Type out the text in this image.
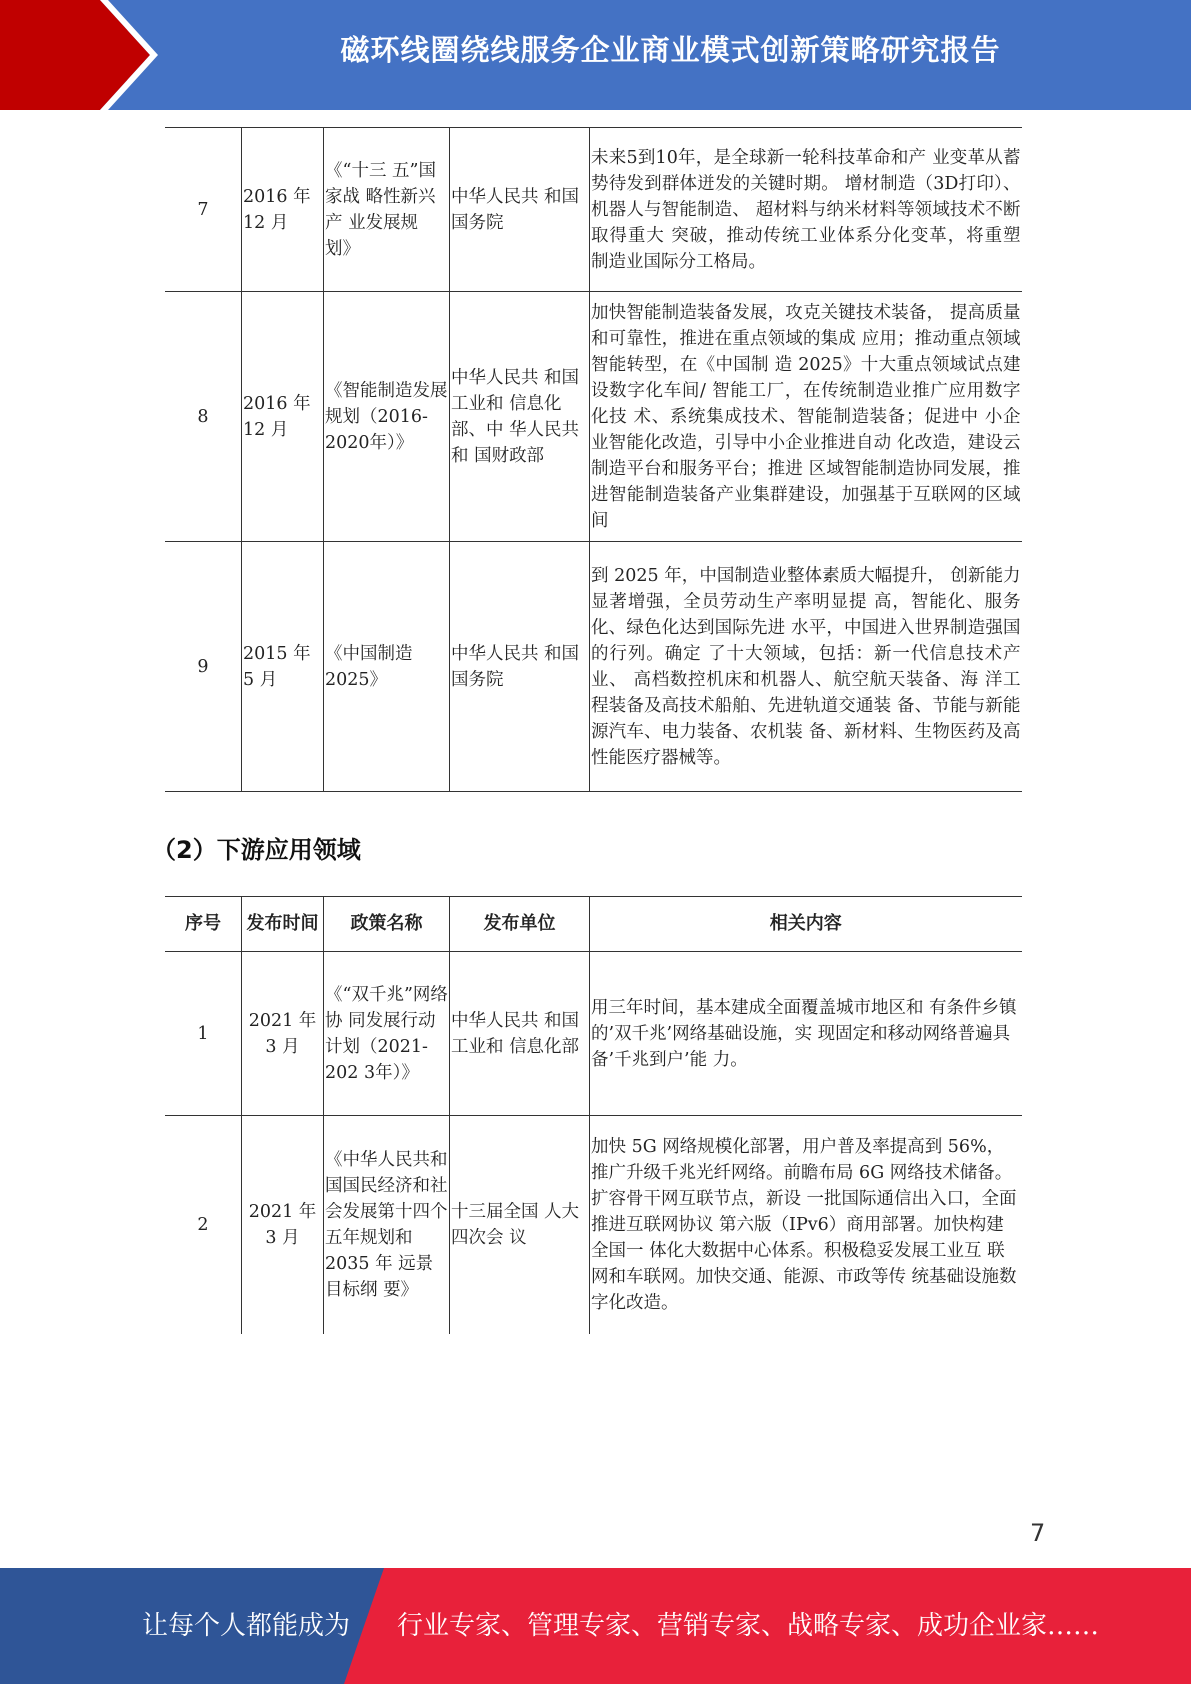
磁环线圈绕线服务企业商业模式创新策略研究报告
7	2016 年 12 月	《“十三 五”国家战 略性新兴产 业发展规 划》	中华人民共 和国国务院	未来5到10年，是全球新一轮科技革命和产 业变革从蓄势待发到群体迸发的关键时期。 增材制造（3D打印）、机器人与智能制造、 超材料与纳米材料等领域技术不断取得重大 突破，推动传统工业体系分化变革，将重塑 制造业国际分工格局。
8	2016 年 12 月	《智能制造发展规划（2016-2020年）》	中华人民共 和国工业和 信息化部、中 华人民共和 国财政部	加快智能制造装备发展，攻克关键技术装备， 提高质量和可靠性，推进在重点领域的集成 应用；推动重点领域智能转型，在《中国制 造 2025》十大重点领域试点建设数字化车间/ 智能工厂，在传统制造业推广应用数字化技 术、系统集成技术、智能制造装备；促进中 小企业智能化改造，引导中小企业推进自动 化改造，建设云制造平台和服务平台；推进 区域智能制造协同发展，推进智能制造装备产业集群建设，加强基于互联网的区域间
9	2015 年 5 月	《中国制造 2025》	中华人民共 和国国务院	到 2025 年，中国制造业整体素质大幅提升， 创新能力显著增强，全员劳动生产率明显提 高，智能化、服务化、绿色化达到国际先进 水平，中国进入世界制造强国的行列。确定 了十大领域，包括：新一代信息技术产业、 高档数控机床和机器人、航空航天装备、海 洋工程装备及高技术船舶、先进轨道交通装 备、节能与新能源汽车、电力装备、农机装 备、新材料、生物医药及高性能医疗器械等。
（2）下游应用领域
序号	发布时间	政策名称	发布单位	相关内容
1	2021 年 3 月	《“双千兆”网络协 同发展行动 计划（2021-202 3年）》	中华人民共 和国工业和 信息化部	用三年时间，基本建成全面覆盖城市地区和 有条件乡镇的’双千兆’网络基础设施，实 现固定和移动网络普遍具备’千兆到户’能 力。
2	2021 年 3 月	《中华人民共和国国民经济和社会发展第十四个五年规划和 2035 年 远景目标纲 要》	十三届全国 人大四次会 议	加快 5G 网络规模化部署，用户普及率提高到 56%，推广升级千兆光纤网络。前瞻布局 6G 网络技术储备。扩容骨干网互联节点，新设 一批国际通信出入口，全面推进互联网协议 第六版（IPv6）商用部署。加快构建全国一 体化大数据中心体系。积极稳妥发展工业互 联网和车联网。加快交通、能源、市政等传 统基础设施数字化改造。
7
让每个人都能成为 行业专家、管理专家、营销专家、战略专家、成功企业家……
